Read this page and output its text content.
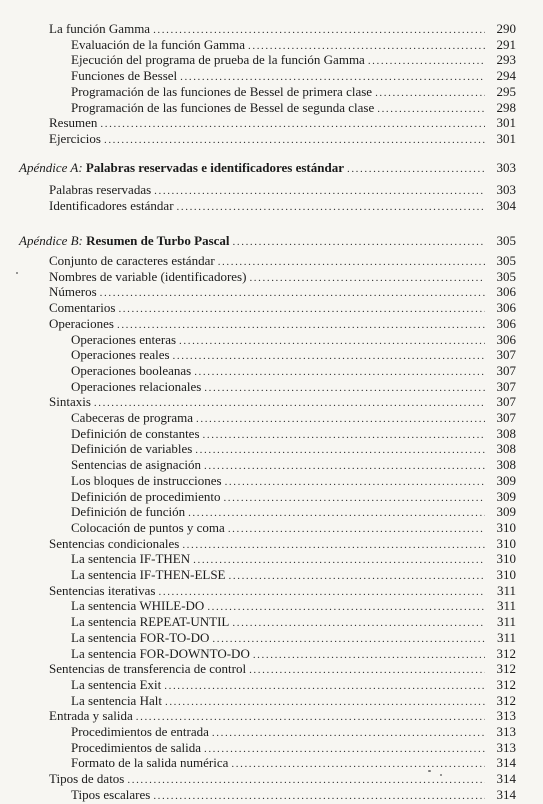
La función Gamma .....	290
Evaluación de la función Gamma .....	291
Ejecución del programa de prueba de la función Gamma .....	293
Funciones de Bessel .....	294
Programación de las funciones de Bessel de primera clase .....	295
Programación de las funciones de Bessel de segunda clase .....	298
Resumen .....	301
Ejercicios .....	301
Apéndice A: Palabras reservadas e identificadores estándar .....	303
Palabras reservadas .....	303
Identificadores estándar .....	304
Apéndice B: Resumen de Turbo Pascal .....	305
Conjunto de caracteres estándar .....	305
Nombres de variable (identificadores) .....	305
Números .....	306
Comentarios .....	306
Operaciones .....	306
Operaciones enteras .....	306
Operaciones reales .....	307
Operaciones booleanas .....	307
Operaciones relacionales .....	307
Sintaxis .....	307
Cabeceras de programa .....	307
Definición de constantes .....	308
Definición de variables .....	308
Sentencias de asignación .....	308
Los bloques de instrucciones .....	309
Definición de procedimiento .....	309
Definición de función .....	309
Colocación de puntos y coma .....	310
Sentencias condicionales .....	310
La sentencia IF-THEN .....	310
La sentencia IF-THEN-ELSE .....	310
Sentencias iterativas .....	311
La sentencia WHILE-DO .....	311
La sentencia REPEAT-UNTIL .....	311
La sentencia FOR-TO-DO .....	311
La sentencia FOR-DOWNTO-DO .....	312
Sentencias de transferencia de control .....	312
La sentencia Exit .....	312
La sentencia Halt .....	312
Entrada y salida .....	313
Procedimientos de entrada .....	313
Procedimientos de salida .....	313
Formato de la salida numérica .....	314
Tipos de datos .....	314
Tipos escalares .....	314
